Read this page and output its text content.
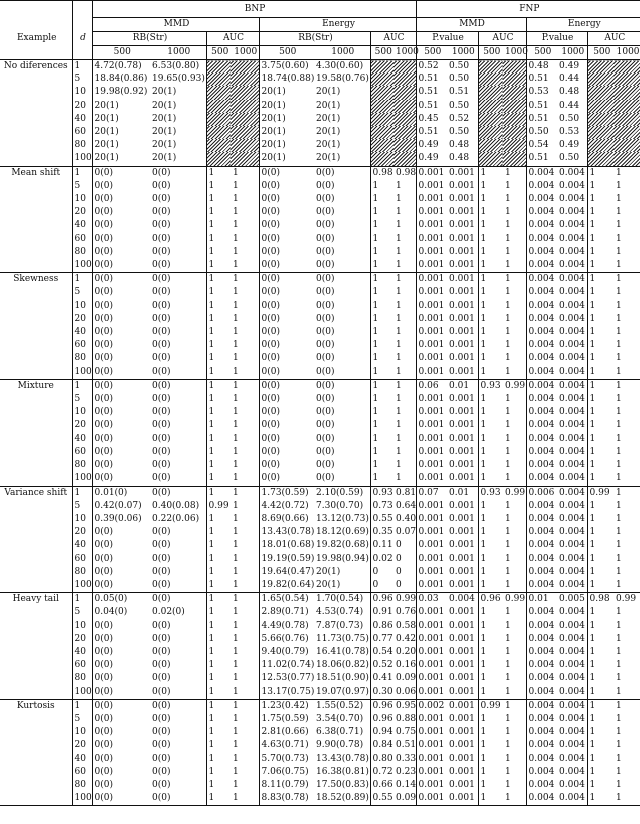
		BNP								FNP							
Example	d	MMD				Energy				MMD				Energy			
		RB(Str)		AUC		RB(Str)		AUC		P.value		AUC		P.value		AUC	
		500	1000	500	1000	500	1000	500	1000	500	1000	500	1000	500	1000	500	1000
No diferences	1	4.72(0.78)	6.53(0.80)			3.75(0.60)	4.30(0.60)			0.52	0.50			0.48	0.49		
	5	18.84(0.86)	19.65(0.93)			18.74(0.88)	19.58(0.76)			0.51	0.50			0.51	0.44		
	10	19.98(0.92)	20(1)			20(1)	20(1)			0.51	0.51			0.53	0.48		
	20	20(1)	20(1)			20(1)	20(1)			0.51	0.50			0.51	0.44		
	40	20(1)	20(1)			20(1)	20(1)			0.45	0.52			0.51	0.50		
	60	20(1)	20(1)			20(1)	20(1)			0.51	0.50			0.50	0.53		
	80	20(1)	20(1)			20(1)	20(1)			0.49	0.48			0.54	0.49		
	100	20(1)	20(1)			20(1)	20(1)			0.49	0.48			0.51	0.50		
Mean shift	1	0(0)	0(0)	1	1	0(0)	0(0)	0.98	0.98	0.001	0.001	1	1	0.004	0.004	1	1
	5	0(0)	0(0)	1	1	0(0)	0(0)	1	1	0.001	0.001	1	1	0.004	0.004	1	1
	10	0(0)	0(0)	1	1	0(0)	0(0)	1	1	0.001	0.001	1	1	0.004	0.004	1	1
	20	0(0)	0(0)	1	1	0(0)	0(0)	1	1	0.001	0.001	1	1	0.004	0.004	1	1
	40	0(0)	0(0)	1	1	0(0)	0(0)	1	1	0.001	0.001	1	1	0.004	0.004	1	1
	60	0(0)	0(0)	1	1	0(0)	0(0)	1	1	0.001	0.001	1	1	0.004	0.004	1	1
	80	0(0)	0(0)	1	1	0(0)	0(0)	1	1	0.001	0.001	1	1	0.004	0.004	1	1
	100	0(0)	0(0)	1	1	0(0)	0(0)	1	1	0.001	0.001	1	1	0.004	0.004	1	1
Skewness	1	0(0)	0(0)	1	1	0(0)	0(0)	1	1	0.001	0.001	1	1	0.004	0.004	1	1
	5	0(0)	0(0)	1	1	0(0)	0(0)	1	1	0.001	0.001	1	1	0.004	0.004	1	1
	10	0(0)	0(0)	1	1	0(0)	0(0)	1	1	0.001	0.001	1	1	0.004	0.004	1	1
	20	0(0)	0(0)	1	1	0(0)	0(0)	1	1	0.001	0.001	1	1	0.004	0.004	1	1
	40	0(0)	0(0)	1	1	0(0)	0(0)	1	1	0.001	0.001	1	1	0.004	0.004	1	1
	60	0(0)	0(0)	1	1	0(0)	0(0)	1	1	0.001	0.001	1	1	0.004	0.004	1	1
	80	0(0)	0(0)	1	1	0(0)	0(0)	1	1	0.001	0.001	1	1	0.004	0.004	1	1
	100	0(0)	0(0)	1	1	0(0)	0(0)	1	1	0.001	0.001	1	1	0.004	0.004	1	1
Mixture	1	0(0)	0(0)	1	1	0(0)	0(0)	1	1	0.06	0.01	0.93	0.99	0.004	0.004	1	1
	5	0(0)	0(0)	1	1	0(0)	0(0)	1	1	0.001	0.001	1	1	0.004	0.004	1	1
	10	0(0)	0(0)	1	1	0(0)	0(0)	1	1	0.001	0.001	1	1	0.004	0.004	1	1
	20	0(0)	0(0)	1	1	0(0)	0(0)	1	1	0.001	0.001	1	1	0.004	0.004	1	1
	40	0(0)	0(0)	1	1	0(0)	0(0)	1	1	0.001	0.001	1	1	0.004	0.004	1	1
	60	0(0)	0(0)	1	1	0(0)	0(0)	1	1	0.001	0.001	1	1	0.004	0.004	1	1
	80	0(0)	0(0)	1	1	0(0)	0(0)	1	1	0.001	0.001	1	1	0.004	0.004	1	1
	100	0(0)	0(0)	1	1	0(0)	0(0)	1	1	0.001	0.001	1	1	0.004	0.004	1	1
Variance shift	1	0.01(0)	0(0)	1	1	1.73(0.59)	2.10(0.59)	0.93	0.81	0.07	0.01	0.93	0.99	0.006	0.004	0.99	1
	5	0.42(0.07)	0.40(0.08)	0.99	1	4.42(0.72)	7.30(0.70)	0.73	0.64	0.001	0.001	1	1	0.004	0.004	1	1
	10	0.39(0.06)	0.22(0.06)	1	1	8.69(0.66)	13.12(0.73)	0.55	0.40	0.001	0.001	1	1	0.004	0.004	1	1
	20	0(0)	0(0)	1	1	13.43(0.78)	18.12(0.69)	0.35	0.07	0.001	0.001	1	1	0.004	0.004	1	1
	40	0(0)	0(0)	1	1	18.01(0.68)	19.82(0.68)	0.11	0	0.001	0.001	1	1	0.004	0.004	1	1
	60	0(0)	0(0)	1	1	19.19(0.59)	19.98(0.94)	0.02	0	0.001	0.001	1	1	0.004	0.004	1	1
	80	0(0)	0(0)	1	1	19.64(0.47)	20(1)	0	0	0.001	0.001	1	1	0.004	0.004	1	1
	100	0(0)	0(0)	1	1	19.82(0.64)	20(1)	0	0	0.001	0.001	1	1	0.004	0.004	1	1
Heavy tail	1	0.05(0)	0(0)	1	1	1.65(0.54)	1.70(0.54)	0.96	0.99	0.03	0.004	0.96	0.99	0.01	0.005	0.98	0.99
	5	0.04(0)	0.02(0)	1	1	2.89(0.71)	4.53(0.74)	0.91	0.76	0.001	0.001	1	1	0.004	0.004	1	1
	10	0(0)	0(0)	1	1	4.49(0.78)	7.87(0.73)	0.86	0.58	0.001	0.001	1	1	0.004	0.004	1	1
	20	0(0)	0(0)	1	1	5.66(0.76)	11.73(0.75)	0.77	0.42	0.001	0.001	1	1	0.004	0.004	1	1
	40	0(0)	0(0)	1	1	9.40(0.79)	16.41(0.78)	0.54	0.20	0.001	0.001	1	1	0.004	0.004	1	1
	60	0(0)	0(0)	1	1	11.02(0.74)	18.06(0.82)	0.52	0.16	0.001	0.001	1	1	0.004	0.004	1	1
	80	0(0)	0(0)	1	1	12.53(0.77)	18.51(0.90)	0.41	0.09	0.001	0.001	1	1	0.004	0.004	1	1
	100	0(0)	0(0)	1	1	13.17(0.75)	19.07(0.97)	0.30	0.06	0.001	0.001	1	1	0.004	0.004	1	1
Kurtosis	1	0(0)	0(0)	1	1	1.23(0.42)	1.55(0.52)	0.96	0.95	0.002	0.001	0.99	1	0.004	0.004	1	1
	5	0(0)	0(0)	1	1	1.75(0.59)	3.54(0.70)	0.96	0.88	0.001	0.001	1	1	0.004	0.004	1	1
	10	0(0)	0(0)	1	1	2.81(0.66)	6.38(0.71)	0.94	0.75	0.001	0.001	1	1	0.004	0.004	1	1
	20	0(0)	0(0)	1	1	4.63(0.71)	9.90(0.78)	0.84	0.51	0.001	0.001	1	1	0.004	0.004	1	1
	40	0(0)	0(0)	1	1	5.70(0.73)	13.43(0.78)	0.80	0.33	0.001	0.001	1	1	0.004	0.004	1	1
	60	0(0)	0(0)	1	1	7.06(0.75)	16.38(0.81)	0.72	0.23	0.001	0.001	1	1	0.004	0.004	1	1
	80	0(0)	0(0)	1	1	8.11(0.79)	17.50(0.83)	0.66	0.14	0.001	0.001	1	1	0.004	0.004	1	1
	100	0(0)	0(0)	1	1	8.83(0.78)	18.52(0.89)	0.55	0.09	0.001	0.001	1	1	0.004	0.004	1	1
